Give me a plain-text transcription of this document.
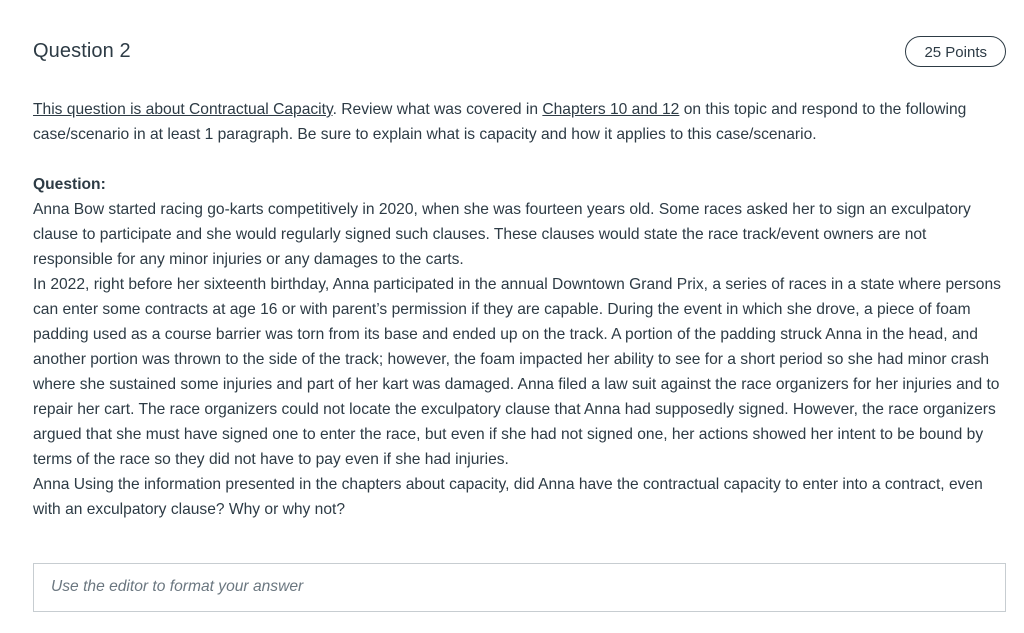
Question 2	25 Points

This question is about Contractual Capacity. Review what was covered in Chapters 10 and 12 on this topic and respond to the following case/scenario in at least 1 paragraph. Be sure to explain what is capacity and how it applies to this case/scenario.

Question:

Anna Bow started racing go-karts competitively in 2020, when she was fourteen years old. Some races asked her to sign an exculpatory clause to participate and she would regularly signed such clauses. These clauses would state the race track/event owners are not responsible for any minor injuries or any damages to the carts.

In 2022, right before her sixteenth birthday, Anna participated in the annual Downtown Grand Prix, a series of races in a state where persons can enter some contracts at age 16 or with parent’s permission if they are capable. During the event in which she drove, a piece of foam padding used as a course barrier was torn from its base and ended up on the track. A portion of the padding struck Anna in the head, and another portion was thrown to the side of the track; however, the foam impacted her ability to see for a short period so she had minor crash where she sustained some injuries and part of her kart was damaged. Anna filed a law suit against the race organizers for her injuries and to repair her cart. The race organizers could not locate the exculpatory clause that Anna had supposedly signed. However, the race organizers argued that she must have signed one to enter the race, but even if she had not signed one, her actions showed her intent to be bound by terms of the race so they did not have to pay even if she had injuries.

Anna Using the information presented in the chapters about capacity, did Anna have the contractual capacity to enter into a contract, even with an exculpatory clause? Why or why not?

Use the editor to format your answer
